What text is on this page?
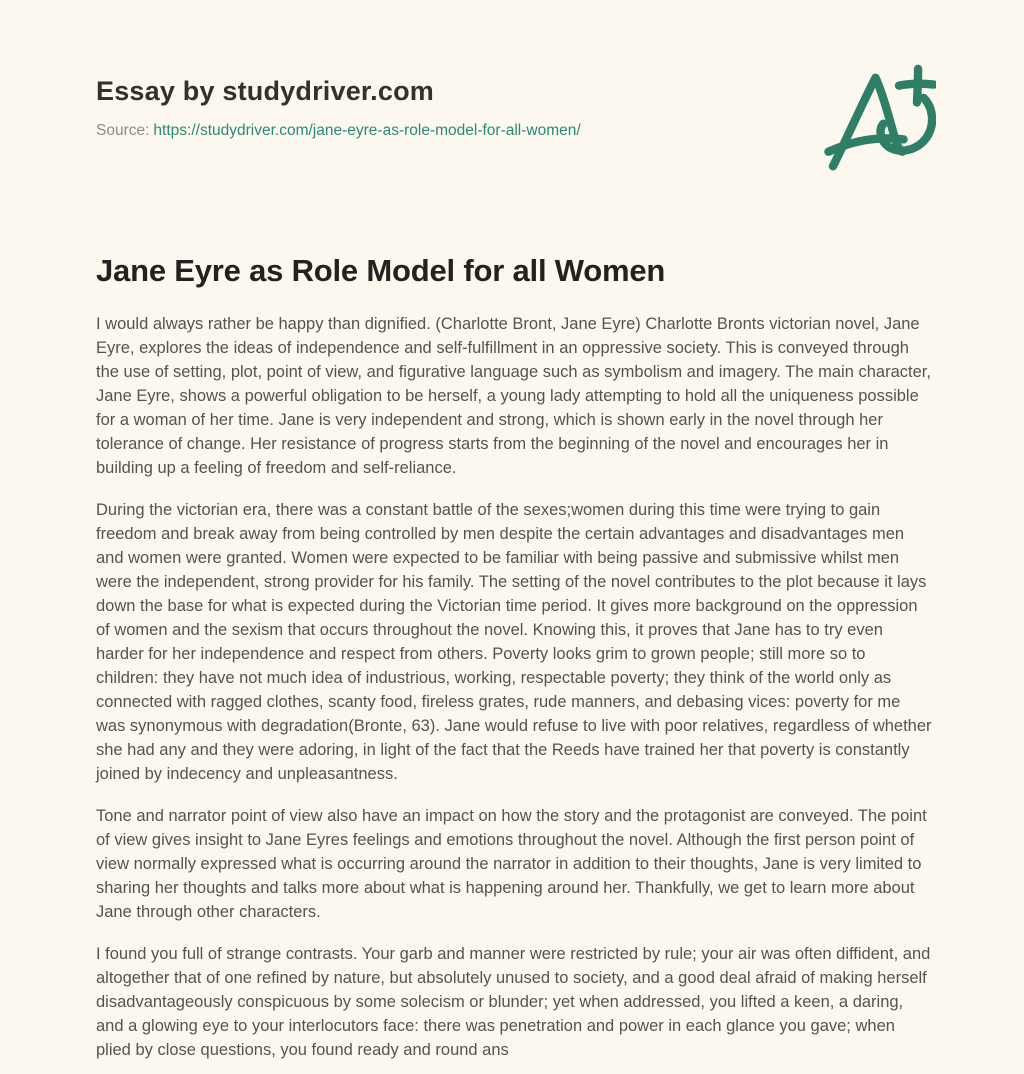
Essay by studydriver.com

Source: https://studydriver.com/jane-eyre-as-role-model-for-all-women/

Jane Eyre as Role Model for all Women

I would always rather be happy than dignified. (Charlotte Bront, Jane Eyre) Charlotte Bronts victorian novel, Jane Eyre, explores the ideas of independence and self-fulfillment in an oppressive society. This is conveyed through the use of setting, plot, point of view, and figurative language such as symbolism and imagery. The main character, Jane Eyre, shows a powerful obligation to be herself, a young lady attempting to hold all the uniqueness possible for a woman of her time. Jane is very independent and strong, which is shown early in the novel through her tolerance of change. Her resistance of progress starts from the beginning of the novel and encourages her in building up a feeling of freedom and self-reliance.

During the victorian era, there was a constant battle of the sexes;women during this time were trying to gain freedom and break away from being controlled by men despite the certain advantages and disadvantages men and women were granted. Women were expected to be familiar with being passive and submissive whilst men were the independent, strong provider for his family. The setting of the novel contributes to the plot because it lays down the base for what is expected during the Victorian time period. It gives more background on the oppression of women and the sexism that occurs throughout the novel. Knowing this, it proves that Jane has to try even harder for her independence and respect from others. Poverty looks grim to grown people; still more so to children: they have not much idea of industrious, working, respectable poverty; they think of the world only as connected with ragged clothes, scanty food, fireless grates, rude manners, and debasing vices: poverty for me was synonymous with degradation(Bronte, 63). Jane would refuse to live with poor relatives, regardless of whether she had any and they were adoring, in light of the fact that the Reeds have trained her that poverty is constantly joined by indecency and unpleasantness.

Tone and narrator point of view also have an impact on how the story and the protagonist are conveyed. The point of view gives insight to Jane Eyres feelings and emotions throughout the novel. Although the first person point of view normally expressed what is occurring around the narrator in addition to their thoughts, Jane is very limited to sharing her thoughts and talks more about what is happening around her. Thankfully, we get to learn more about Jane through other characters.

I found you full of strange contrasts. Your garb and manner were restricted by rule; your air was often diffident, and altogether that of one refined by nature, but absolutely unused to society, and a good deal afraid of making herself disadvantageously conspicuous by some solecism or blunder; yet when addressed, you lifted a keen, a daring, and a glowing eye to your interlocutors face: there was penetration and power in each glance you gave; when plied by close questions, you found ready and round ans
